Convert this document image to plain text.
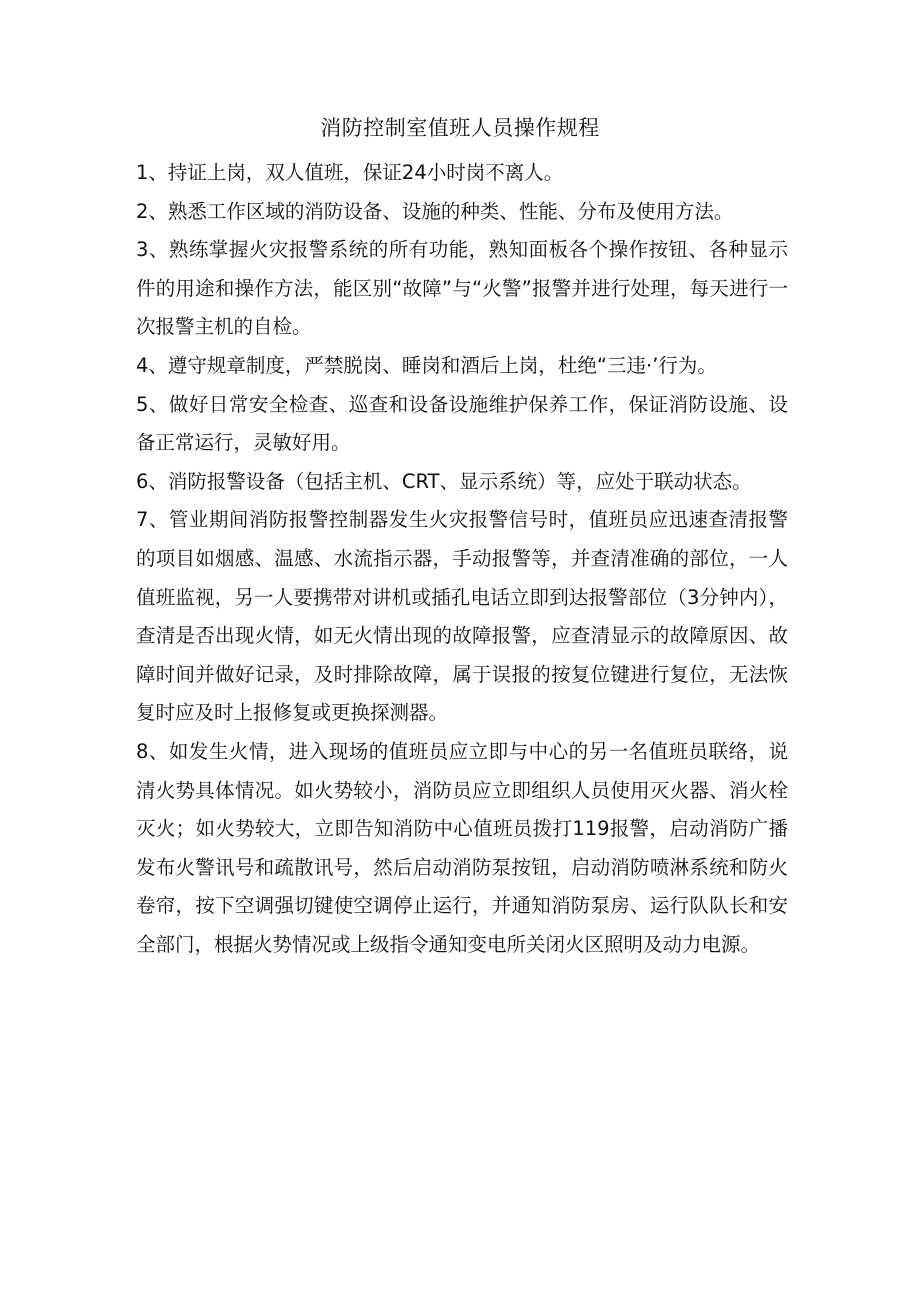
消防控制室值班人员操作规程

1、持证上岗，双人值班，保证24小时岗不离人。

2、熟悉工作区域的消防设备、设施的种类、性能、分布及使用方法。

3、熟练掌握火灾报警系统的所有功能，熟知面板各个操作按钮、各种显示件的用途和操作方法，能区别“故障”与“火警”报警并进行处理，每天进行一次报警主机的自检。

4、遵守规章制度，严禁脱岗、睡岗和酒后上岗，杜绝“三违·’行为。

5、做好日常安全检查、巡查和设备设施维护保养工作，保证消防设施、设备正常运行，灵敏好用。

6、消防报警设备（包括主机、CRT、显示系统）等，应处于联动状态。

7、管业期间消防报警控制器发生火灾报警信号时，值班员应迅速查清报警的项目如烟感、温感、水流指示器，手动报警等，并查清准确的部位，一人值班监视，另一人要携带对讲机或插孔电话立即到达报警部位（3分钟内），查清是否出现火情，如无火情出现的故障报警，应查清显示的故障原因、故障时间并做好记录，及时排除故障，属于误报的按复位键进行复位，无法恢复时应及时上报修复或更换探测器。

8、如发生火情，进入现场的值班员应立即与中心的另一名值班员联络，说清火势具体情况。如火势较小，消防员应立即组织人员使用灭火器、消火栓灭火；如火势较大，立即告知消防中心值班员拨打119报警，启动消防广播发布火警讯号和疏散讯号，然后启动消防泵按钮，启动消防喷淋系统和防火卷帘，按下空调强切键使空调停止运行，并通知消防泵房、运行队队长和安全部门，根据火势情况或上级指令通知变电所关闭火区照明及动力电源。
